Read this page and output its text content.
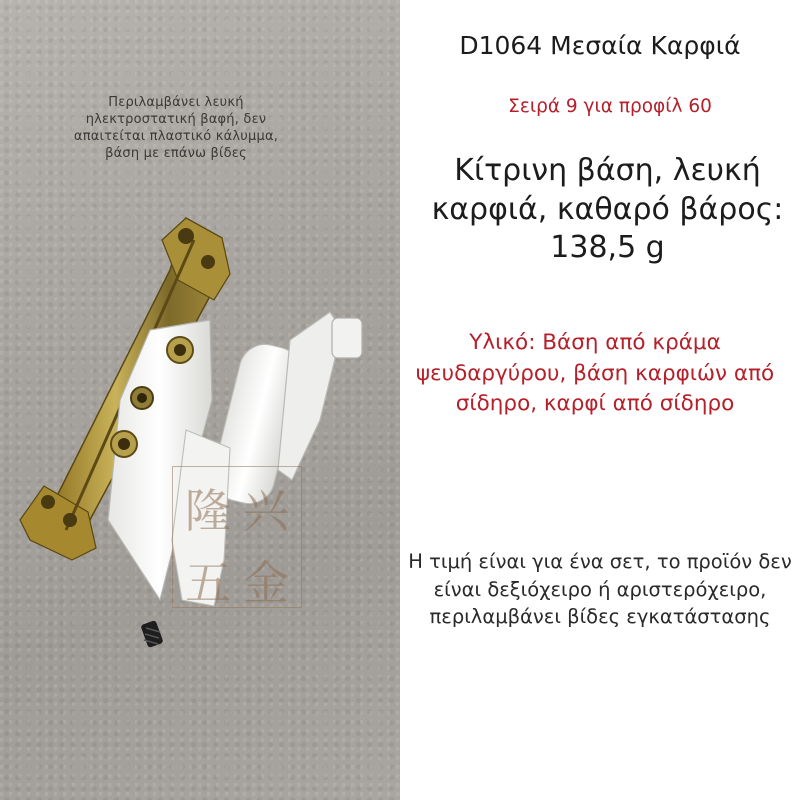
Περιλαμβάνει λευκή ηλεκτροστατική βαφή, δεν απαιτείται πλαστικό κάλυμμα, βάση με επάνω βίδες
隆 兴
五 金
D1064 Μεσαία Καρφιά
Σειρά 9 για προφίλ 60
Κίτρινη βάση, λευκή καρφιά, καθαρό βάρος: 138,5 g
Υλικό: Βάση από κράμα ψευδαργύρου, βάση καρφιών από σίδηρο, καρφί από σίδηρο
Η τιμή είναι για ένα σετ, το προϊόν δεν είναι δεξιόχειρο ή αριστερόχειρο, περιλαμβάνει βίδες εγκατάστασης
